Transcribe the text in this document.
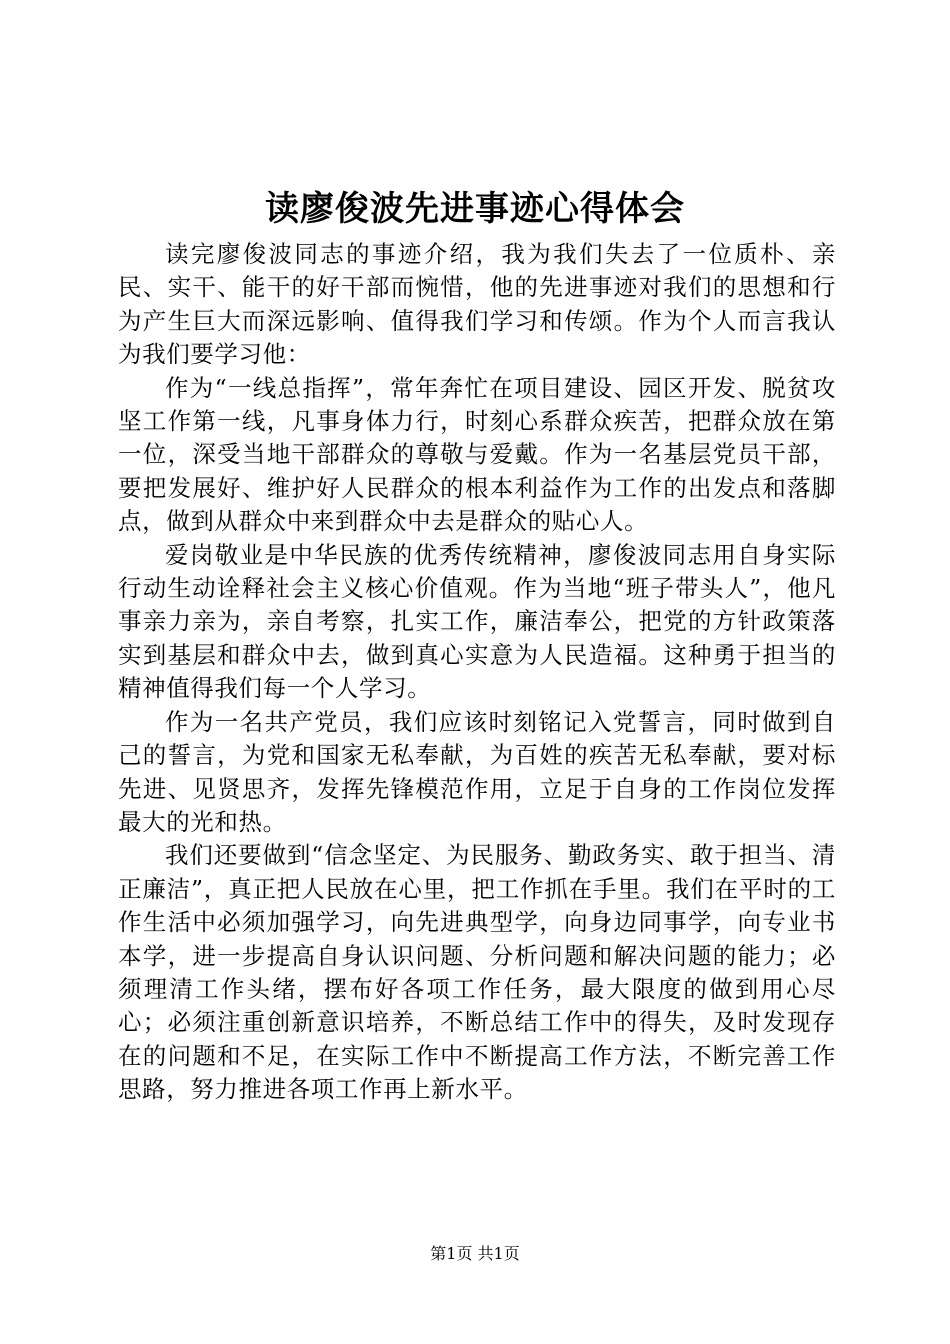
读廖俊波先进事迹心得体会

读完廖俊波同志的事迹介绍，我为我们失去了一位质朴、亲民、实干、能干的好干部而惋惜，他的先进事迹对我们的思想和行为产生巨大而深远影响、值得我们学习和传颂。作为个人而言我认为我们要学习他：

作为“一线总指挥”，常年奔忙在项目建设、园区开发、脱贫攻坚工作第一线，凡事身体力行，时刻心系群众疾苦，把群众放在第一位，深受当地干部群众的尊敬与爱戴。作为一名基层党员干部，要把发展好、维护好人民群众的根本利益作为工作的出发点和落脚点，做到从群众中来到群众中去是群众的贴心人。

爱岗敬业是中华民族的优秀传统精神，廖俊波同志用自身实际行动生动诠释社会主义核心价值观。作为当地“班子带头人”，他凡事亲力亲为，亲自考察，扎实工作，廉洁奉公，把党的方针政策落实到基层和群众中去，做到真心实意为人民造福。这种勇于担当的精神值得我们每一个人学习。

作为一名共产党员，我们应该时刻铭记入党誓言，同时做到自己的誓言，为党和国家无私奉献，为百姓的疾苦无私奉献，要对标先进、见贤思齐，发挥先锋模范作用，立足于自身的工作岗位发挥最大的光和热。

我们还要做到“信念坚定、为民服务、勤政务实、敢于担当、清正廉洁”，真正把人民放在心里，把工作抓在手里。我们在平时的工作生活中必须加强学习，向先进典型学，向身边同事学，向专业书本学，进一步提高自身认识问题、分析问题和解决问题的能力；必须理清工作头绪，摆布好各项工作任务，最大限度的做到用心尽心；必须注重创新意识培养，不断总结工作中的得失，及时发现存在的问题和不足，在实际工作中不断提高工作方法，不断完善工作思路，努力推进各项工作再上新水平。

第1页 共1页
